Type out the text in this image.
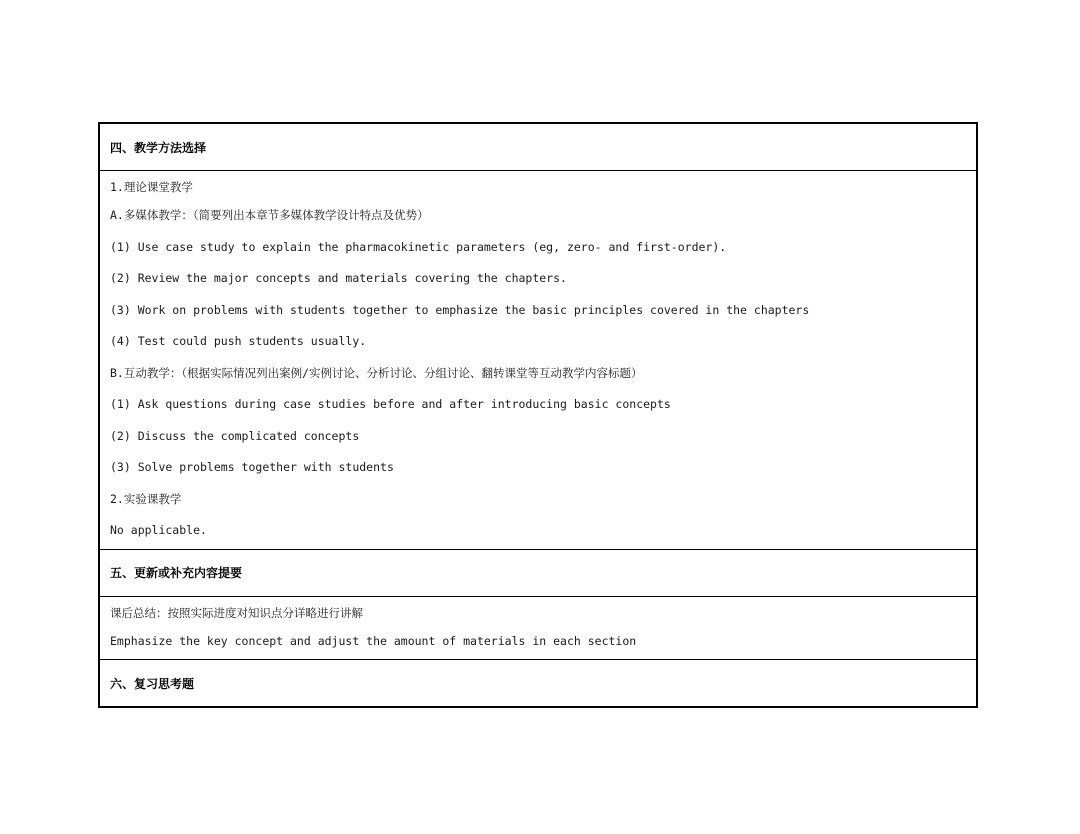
四、教学方法选择
1.理论课堂教学
A.多媒体教学：（简要列出本章节多媒体教学设计特点及优势）
(1) Use case study to explain the pharmacokinetic parameters (eg, zero- and first-order).
(2) Review the major concepts and materials covering the chapters.
(3) Work on problems with students together to emphasize the basic principles covered in the chapters
(4) Test could push students usually.
B.互动教学：（根据实际情况列出案例/实例讨论、分析讨论、分组讨论、翻转课堂等互动教学内容标题）
(1) Ask questions during case studies before and after introducing basic concepts
(2) Discuss the complicated concepts
(3) Solve problems together with students
2.实验课教学
No applicable.
五、更新或补充内容提要
课后总结：按照实际进度对知识点分详略进行讲解
Emphasize the key concept and adjust the amount of materials in each section
六、复习思考题
